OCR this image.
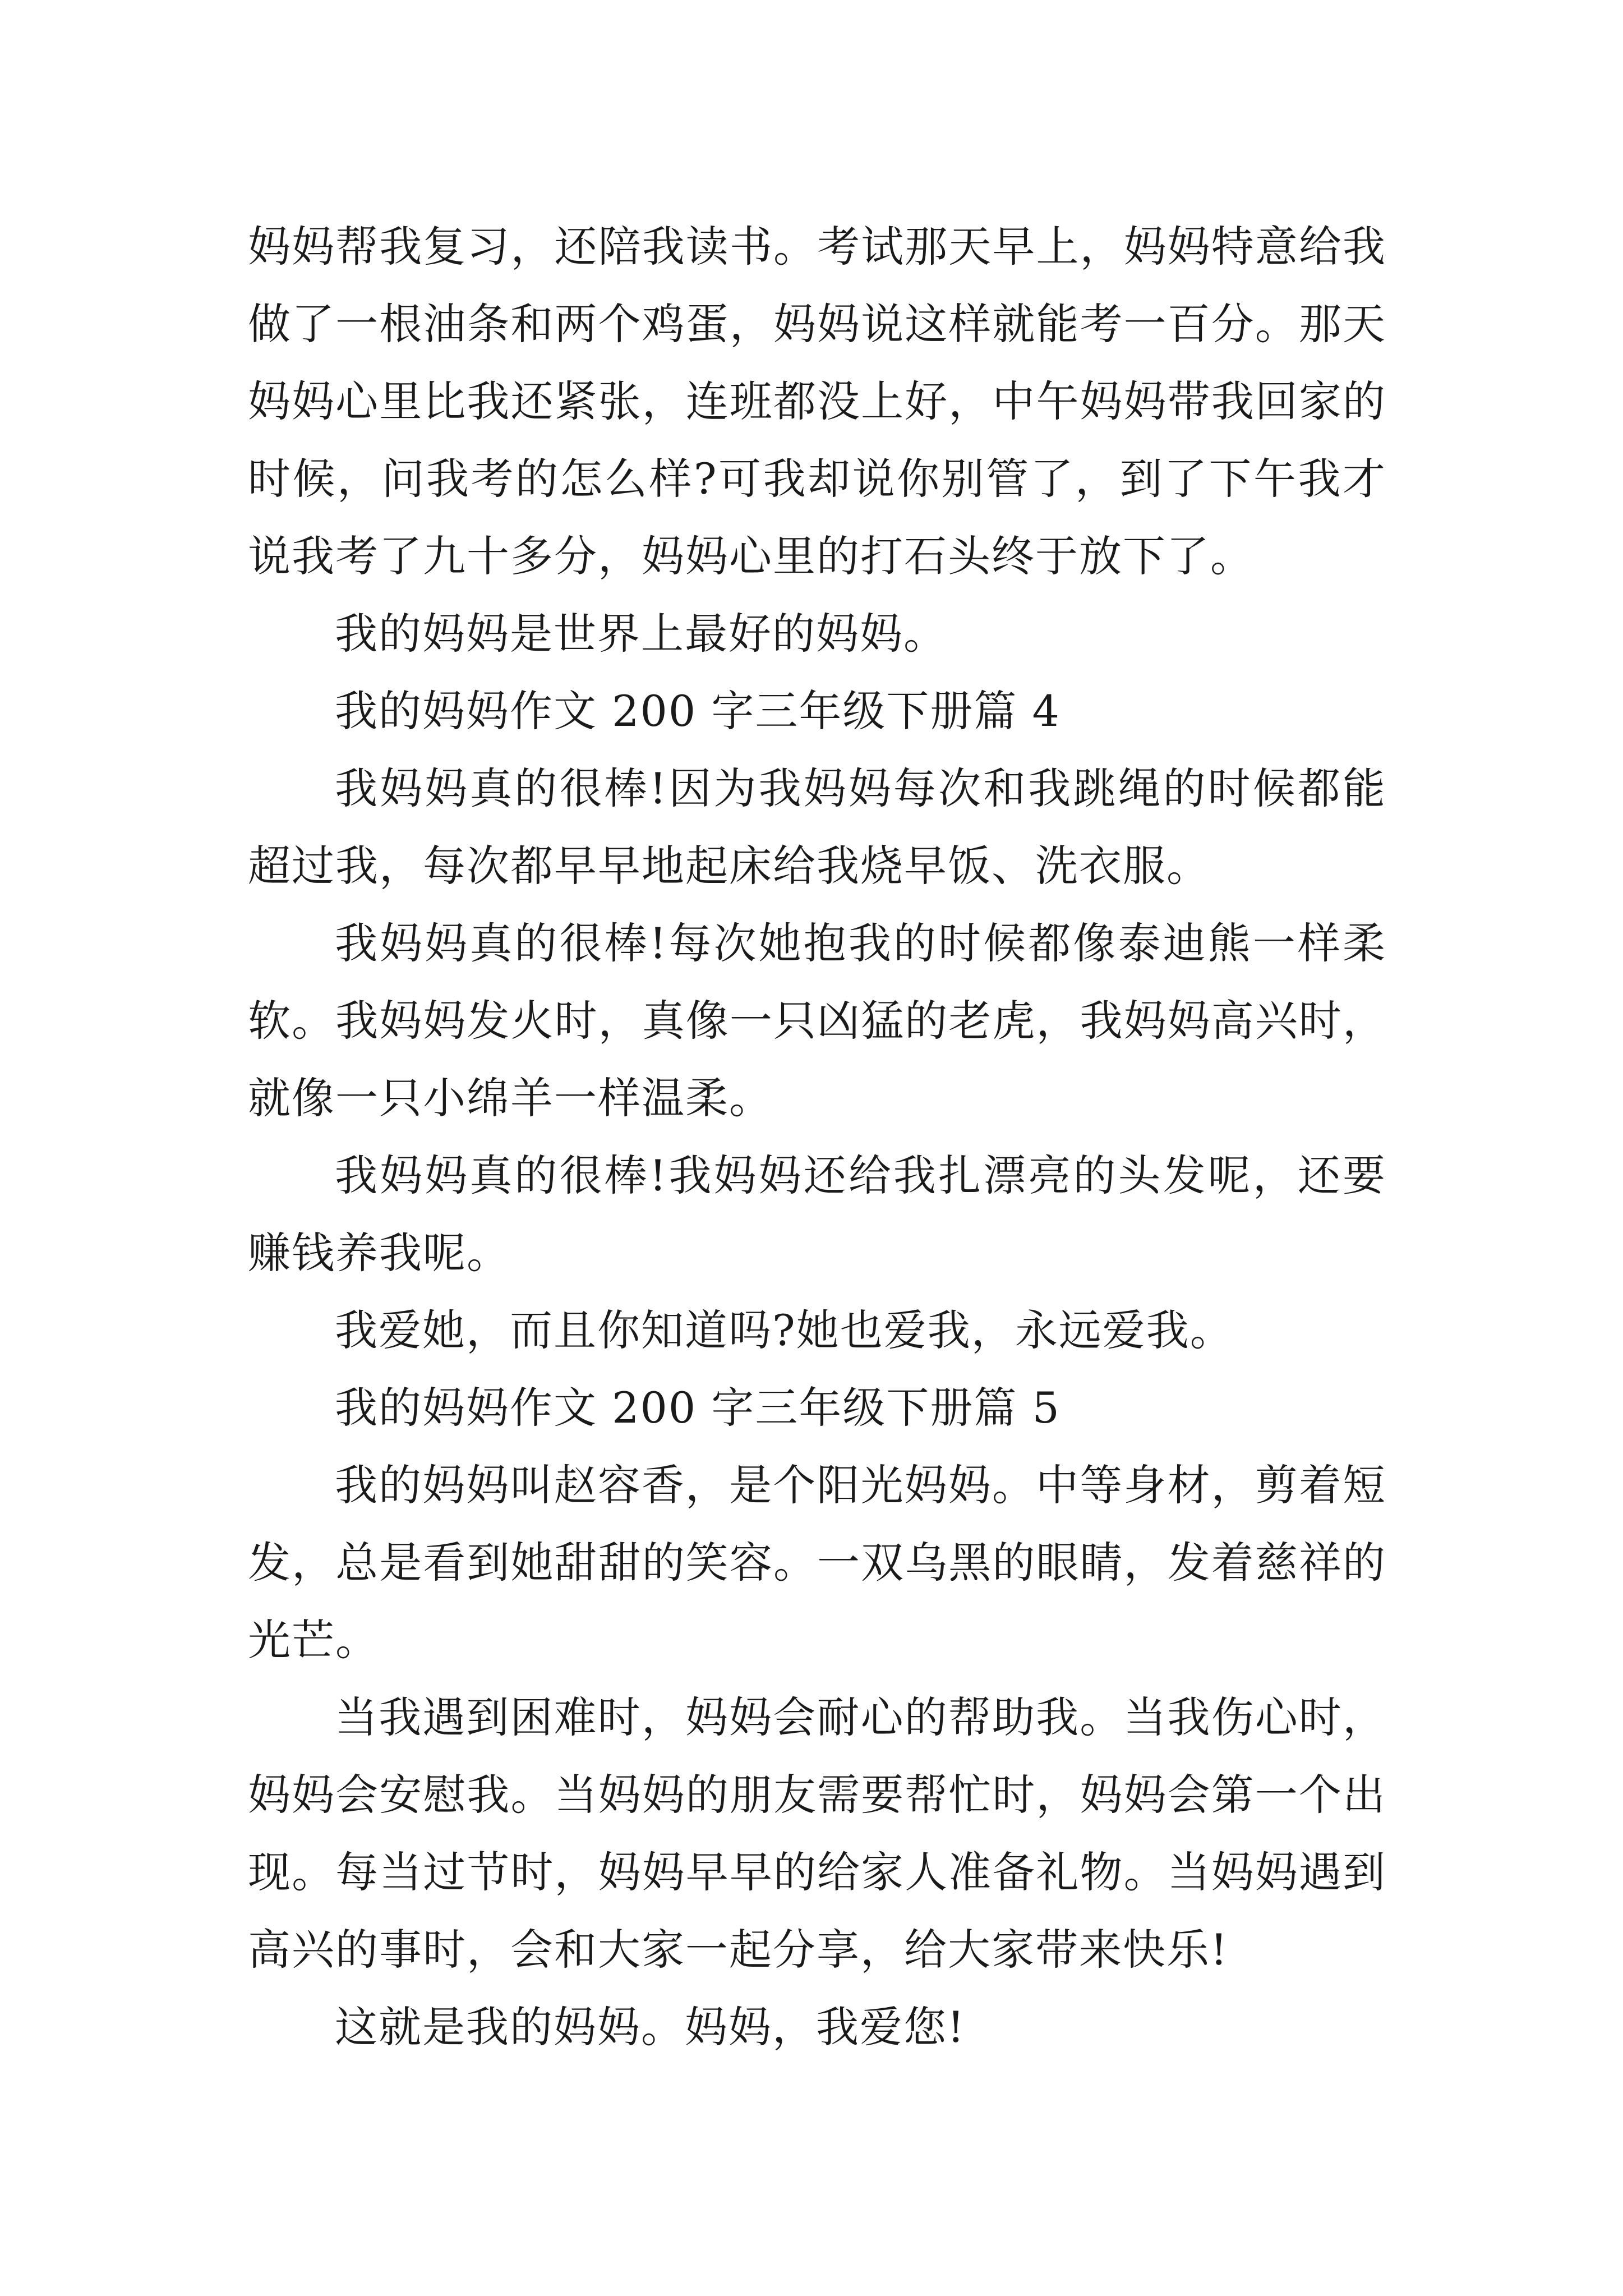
妈妈帮我复习，还陪我读书。考试那天早上，妈妈特意给我

做了一根油条和两个鸡蛋，妈妈说这样就能考一百分。那天

妈妈心里比我还紧张，连班都没上好，中午妈妈带我回家的

时候，问我考的怎么样?可我却说你别管了，到了下午我才

说我考了九十多分，妈妈心里的打石头终于放下了。

我的妈妈是世界上最好的妈妈。

我的妈妈作文 200 字三年级下册篇 4

我妈妈真的很棒!因为我妈妈每次和我跳绳的时候都能

超过我，每次都早早地起床给我烧早饭、洗衣服。

我妈妈真的很棒!每次她抱我的时候都像泰迪熊一样柔

软。我妈妈发火时，真像一只凶猛的老虎，我妈妈高兴时，

就像一只小绵羊一样温柔。

我妈妈真的很棒!我妈妈还给我扎漂亮的头发呢，还要

赚钱养我呢。

我爱她，而且你知道吗?她也爱我，永远爱我。

我的妈妈作文 200 字三年级下册篇 5

我的妈妈叫赵容香，是个阳光妈妈。中等身材，剪着短

发，总是看到她甜甜的笑容。一双乌黑的眼睛，发着慈祥的

光芒。

当我遇到困难时，妈妈会耐心的帮助我。当我伤心时，

妈妈会安慰我。当妈妈的朋友需要帮忙时，妈妈会第一个出

现。每当过节时，妈妈早早的给家人准备礼物。当妈妈遇到

高兴的事时，会和大家一起分享，给大家带来快乐!

这就是我的妈妈。妈妈，我爱您!
